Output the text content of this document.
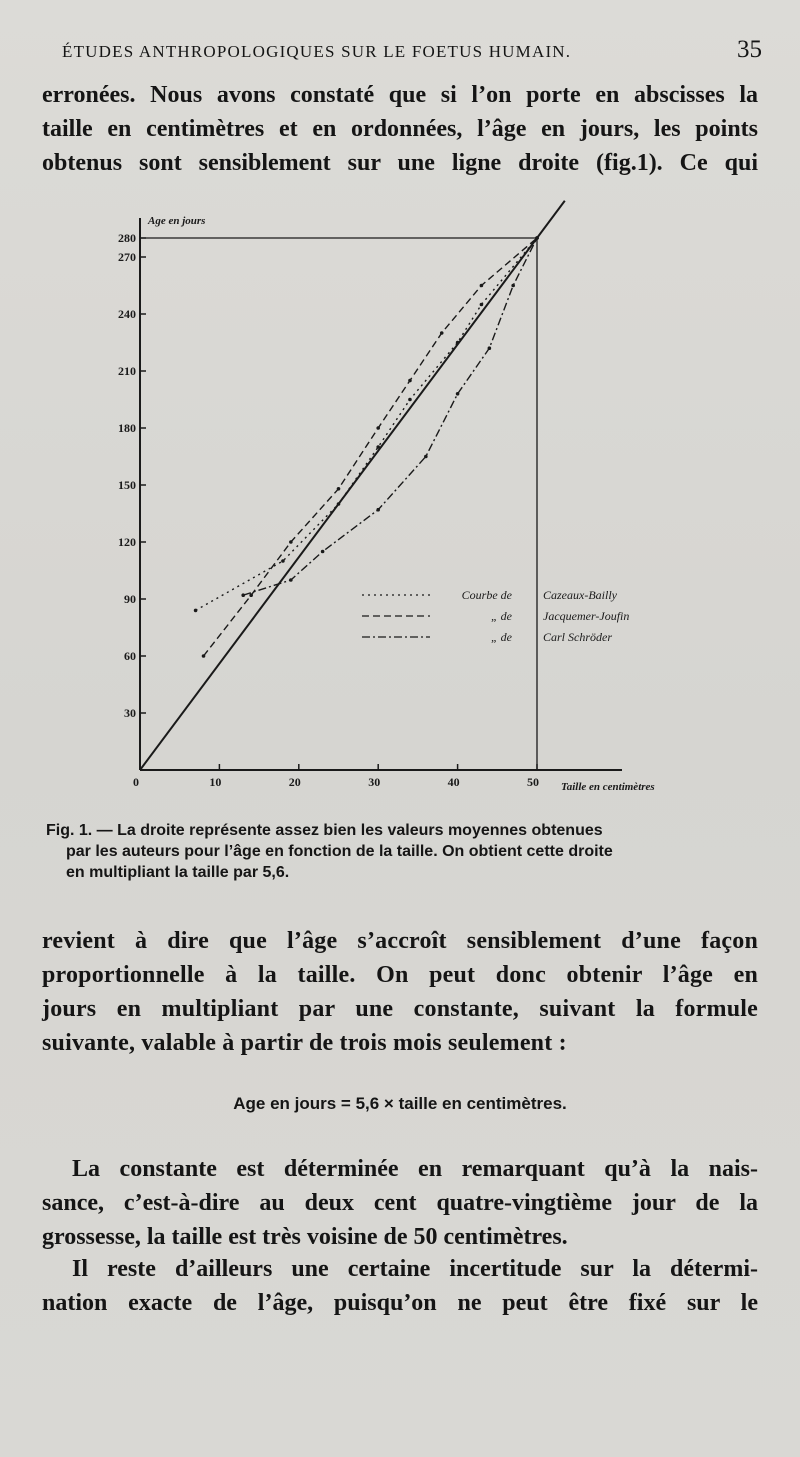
ÉTUDES ANTHROPOLOGIQUES SUR LE FOETUS HUMAIN.	35

erronées. Nous avons constaté que si l’on porte en abscisses la
taille en centimètres et en ordonnées, l’âge en jours, les points
obtenus sont sensiblement sur une ligne droite (fig.1). Ce qui

280
270
240
210
180
150
120
90
60
30
0	10	20	30	40	50
Age en jours
Taille en centimètres
Courbe de	Cazeaux-Bailly
„ de	Jacquemer-Joufin
„ de	Carl Schröder
Fig. 1. — La droite représente assez bien les valeurs moyennes obtenues
par les auteurs pour l’âge en fonction de la taille. On obtient cette droite
en multipliant la taille par 5,6.

revient à dire que l’âge s’accroît sensiblement d’une façon
proportionnelle à la taille. On peut donc obtenir l’âge en
jours en multipliant par une constante, suivant la formule
suivante, valable à partir de trois mois seulement :

Age en jours = 5,6 × taille en centimètres.

La constante est déterminée en remarquant qu’à la nais-
sance, c’est-à-dire au deux cent quatre-vingtième jour de la
grossesse, la taille est très voisine de 50 centimètres.

Il reste d’ailleurs une certaine incertitude sur la détermi-
nation exacte de l’âge, puisqu’on ne peut être fixé sur le
